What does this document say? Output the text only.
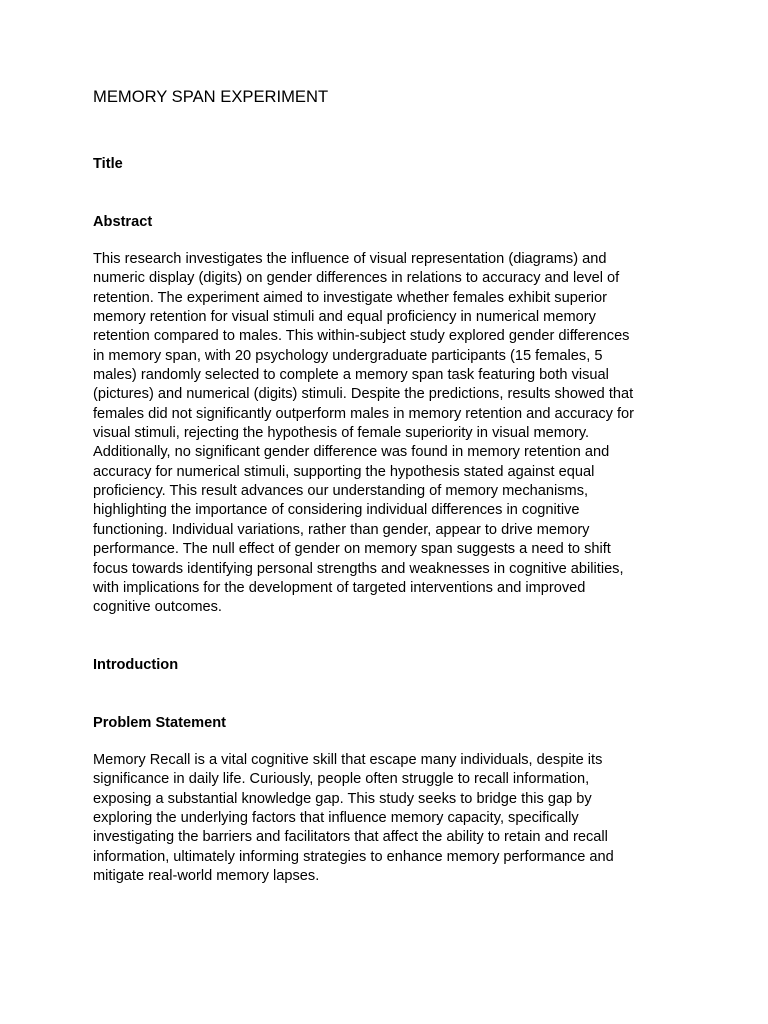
MEMORY SPAN EXPERIMENT
Title
Abstract
This research investigates the influence of visual representation (diagrams) and
numeric display (digits) on gender differences in relations to accuracy and level of
retention. The experiment aimed to investigate whether females exhibit superior
memory retention for visual stimuli and equal proficiency in numerical memory
retention compared to males. This within-subject study explored gender differences
in memory span, with 20 psychology undergraduate participants (15 females, 5
males) randomly selected to complete a memory span task featuring both visual
(pictures) and numerical (digits) stimuli. Despite the predictions, results showed that
females did not significantly outperform males in memory retention and accuracy for
visual stimuli, rejecting the hypothesis of female superiority in visual memory.
Additionally, no significant gender difference was found in memory retention and
accuracy for numerical stimuli, supporting the hypothesis stated against equal
proficiency. This result advances our understanding of memory mechanisms,
highlighting the importance of considering individual differences in cognitive
functioning. Individual variations, rather than gender, appear to drive memory
performance. The null effect of gender on memory span suggests a need to shift
focus towards identifying personal strengths and weaknesses in cognitive abilities,
with implications for the development of targeted interventions and improved
cognitive outcomes.
Introduction
Problem Statement
Memory Recall is a vital cognitive skill that escape many individuals, despite its
significance in daily life. Curiously, people often struggle to recall information,
exposing a substantial knowledge gap. This study seeks to bridge this gap by
exploring the underlying factors that influence memory capacity, specifically
investigating the barriers and facilitators that affect the ability to retain and recall
information, ultimately informing strategies to enhance memory performance and
mitigate real-world memory lapses.
